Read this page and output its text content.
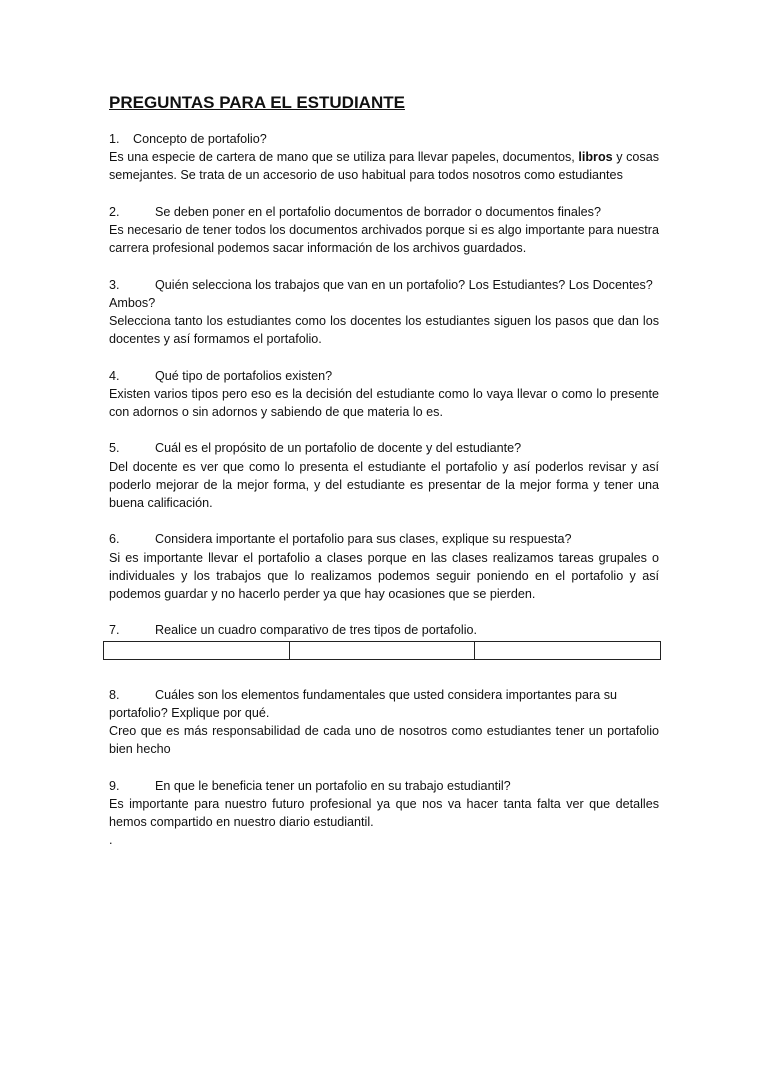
PREGUNTAS PARA EL ESTUDIANTE

1. Concepto de portafolio?

Es una especie de cartera de mano que se utiliza para llevar papeles, documentos, libros y cosas semejantes. Se trata de un accesorio de uso habitual para todos nosotros como estudiantes

2.	Se deben poner en el portafolio documentos de borrador o documentos finales?

Es necesario de tener todos los documentos archivados porque si es algo importante para nuestra carrera profesional podemos sacar información de los archivos guardados.

3.	Quién selecciona los trabajos que van en un portafolio? Los Estudiantes? Los Docentes? Ambos?

Selecciona tanto los estudiantes como los docentes los estudiantes siguen los pasos que dan los docentes y así formamos el portafolio.

4.	Qué tipo de portafolios existen?

Existen varios tipos pero eso es la decisión del estudiante como lo vaya llevar o como lo presente con adornos o sin adornos y sabiendo de que materia lo es.

5.	Cuál es el propósito de un portafolio de docente y del estudiante?

Del docente es ver que como lo presenta el estudiante el portafolio y así poderlos revisar y así poderlo mejorar de la mejor forma, y del estudiante es presentar de la mejor forma y tener una buena calificación.

6.	Considera importante el portafolio para sus clases, explique su respuesta?

Si es importante llevar el portafolio a clases porque en las clases realizamos tareas grupales o individuales y los trabajos que lo realizamos podemos seguir poniendo en el portafolio y así podemos guardar y no hacerlo perder ya que hay ocasiones que se pierden.

7.	Realice un cuadro comparativo de tres tipos de portafolio.

8.	Cuáles son los elementos fundamentales que usted considera importantes para su portafolio? Explique por qué.

Creo que es más responsabilidad de cada uno de nosotros como estudiantes tener un portafolio bien hecho

9.	En que le beneficia tener un portafolio en su trabajo estudiantil?

Es importante para nuestro futuro profesional ya que nos va hacer tanta falta ver que detalles hemos compartido en nuestro diario estudiantil.

.
